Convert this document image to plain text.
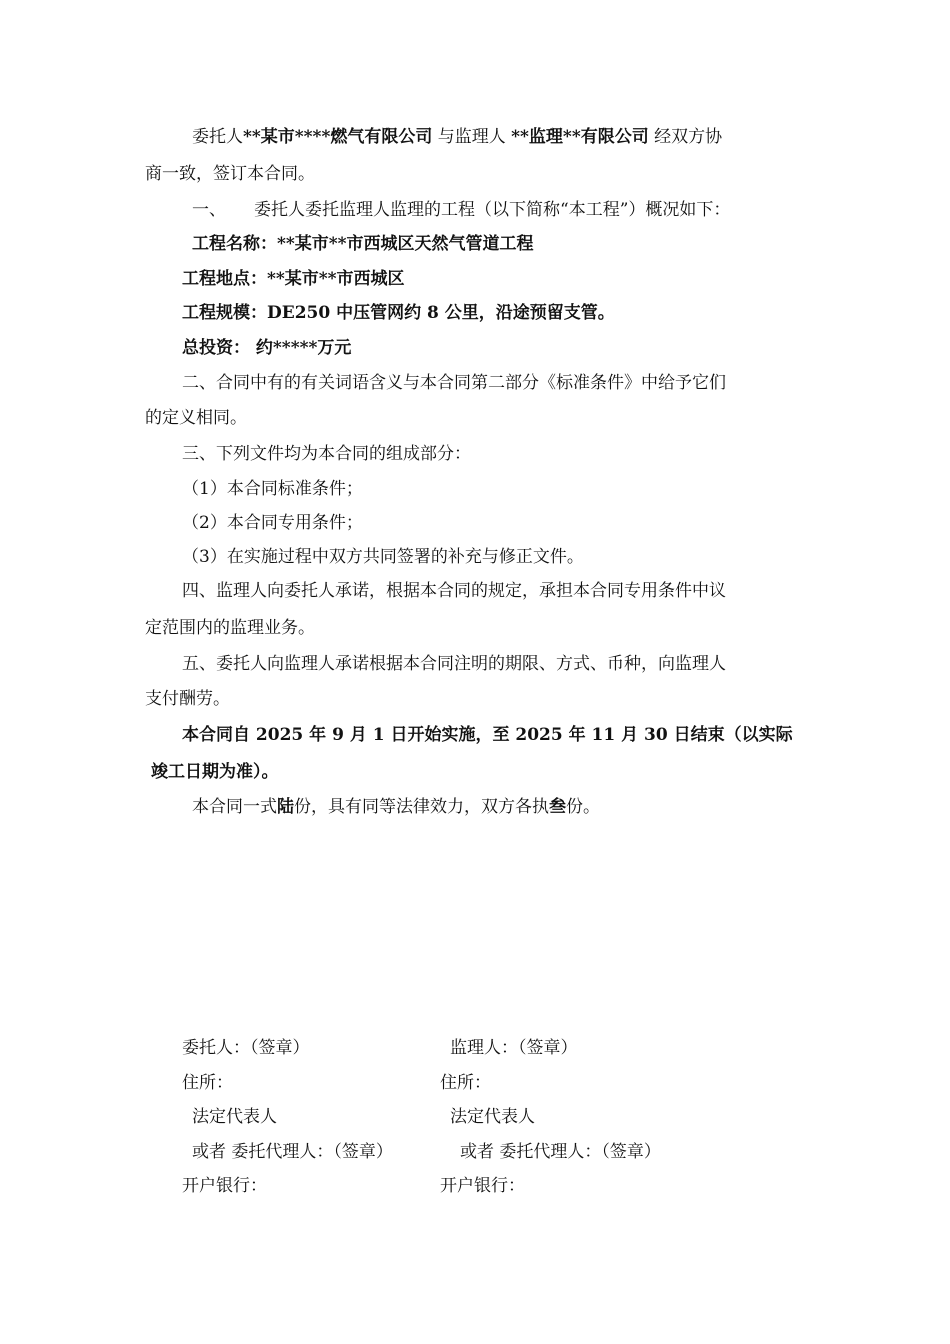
委托人**某市****燃气有限公司 与监理人 **监理**有限公司 经双方协
商一致，签订本合同。
一、 委托人委托监理人监理的工程（以下简称“本工程”）概况如下：
工程名称：**某市**市西城区天然气管道工程
工程地点：**某市**市西城区
工程规模：DE250 中压管网约 8 公里，沿途预留支管。
总投资： 约*****万元
二、合同中有的有关词语含义与本合同第二部分《标准条件》中给予它们
的定义相同。
三、下列文件均为本合同的组成部分：
（1）本合同标准条件；
（2）本合同专用条件；
（3）在实施过程中双方共同签署的补充与修正文件。
四、监理人向委托人承诺，根据本合同的规定，承担本合同专用条件中议
定范围内的监理业务。
五、委托人向监理人承诺根据本合同注明的期限、方式、币种，向监理人
支付酬劳。
本合同自 2025 年 9 月 1 日开始实施，至 2025 年 11 月 30 日结束（以实际
竣工日期为准）。
本合同一式陆份，具有同等法律效力，双方各执叁份。
委托人：（签章）
住所：
法定代表人
或者 委托代理人：（签章）
开户银行：
监理人：（签章）
住所：
法定代表人
或者 委托代理人：（签章）
开户银行：
